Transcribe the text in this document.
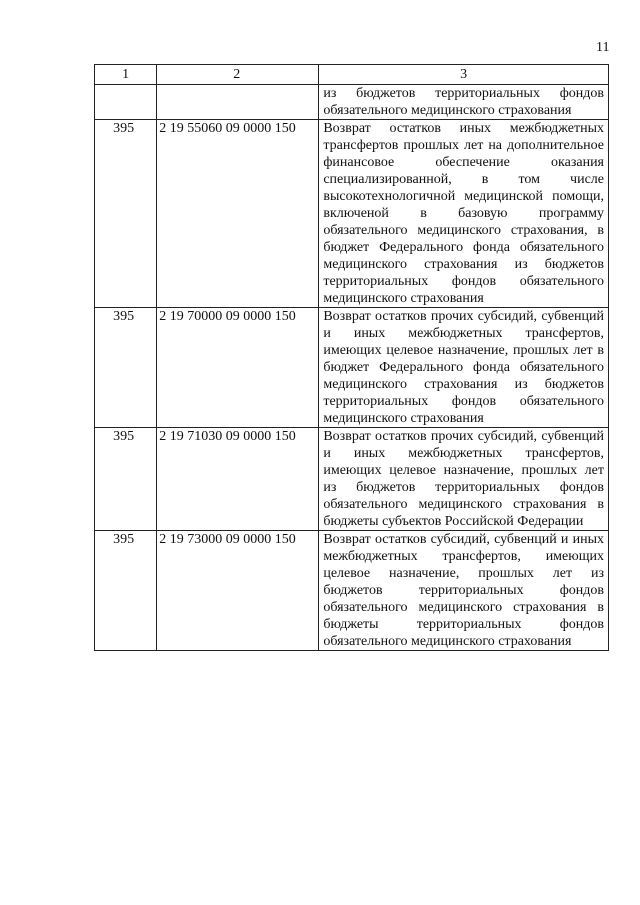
11
1	2	3
		из бюджетов территориальных фондов обязательного медицинского страхования
395	2 19 55060 09 0000 150	Возврат остатков иных межбюджетных трансфертов прошлых лет на дополнительное финансовое обеспечение оказания специализированной, в том числе высокотехнологичной медицинской помощи, включеной в базовую программу обязательного медицинского страхования, в бюджет Федерального фонда обязательного медицинского страхования из бюджетов территориальных фондов обязательного медицинского страхования
395	2 19 70000 09 0000 150	Возврат остатков прочих субсидий, субвенций и иных межбюджетных трансфертов, имеющих целевое назначение, прошлых лет в бюджет Федерального фонда обязательного медицинского страхования из бюджетов территориальных фондов обязательного медицинского страхования
395	2 19 71030 09 0000 150	Возврат остатков прочих субсидий, субвенций и иных межбюджетных трансфертов, имеющих целевое назначение, прошлых лет из бюджетов территориальных фондов обязательного медицинского страхования в бюджеты субъектов Российской Федерации
395	2 19 73000 09 0000 150	Возврат остатков субсидий, субвенций и иных межбюджетных трансфертов, имеющих целевое назначение, прошлых лет из бюджетов территориальных фондов обязательного медицинского страхования в бюджеты территориальных фондов обязательного медицинского страхования
